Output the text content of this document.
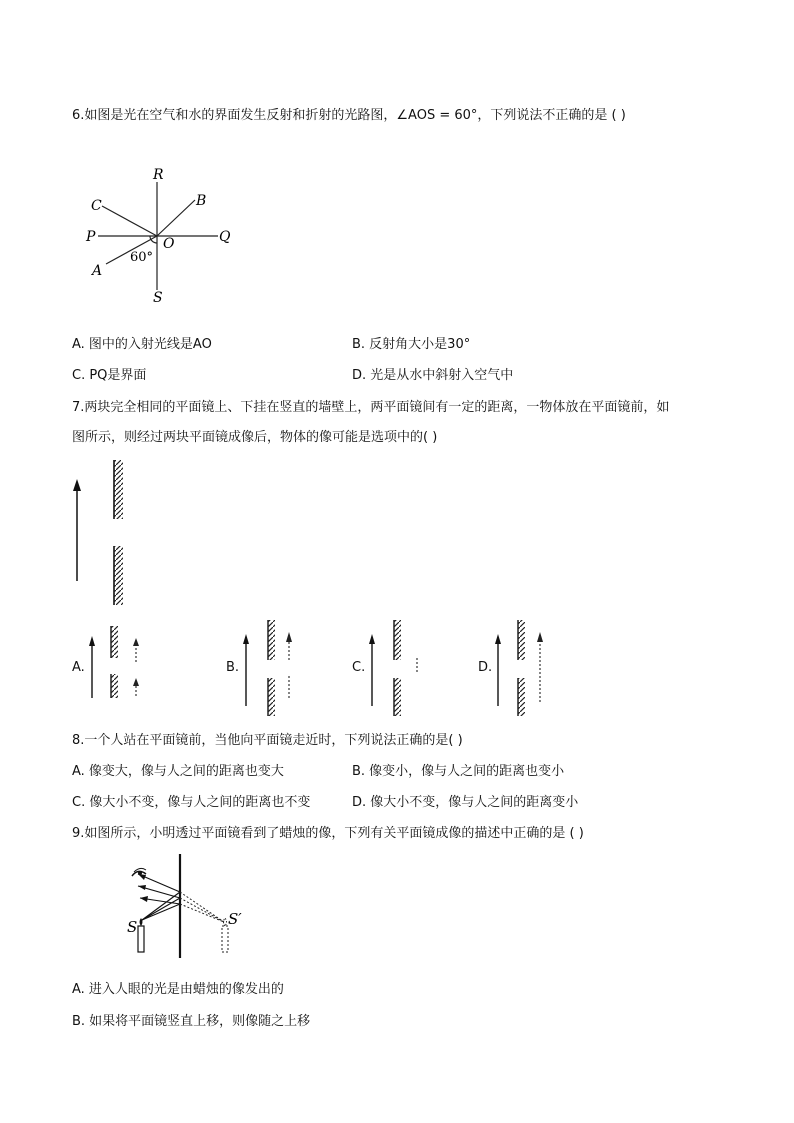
6.如图是光在空气和水的界面发生反射和折射的光路图，∠AOS = 60°，下列说法不正确的是 ( )
R
B
C
P	O	Q
A
S
60°
A. 图中的入射光线是AO	B. 反射角大小是30°
C. PQ是界面	D. 光是从水中斜射入空气中
7.两块完全相同的平面镜上、下挂在竖直的墙壁上，两平面镜间有一定的距离，一物体放在平面镜前，如
图所示，则经过两块平面镜成像后，物体的像可能是选项中的( )
A.	B.	C.	D.
8.一个人站在平面镜前，当他向平面镜走近时，下列说法正确的是( )
A. 像变大，像与人之间的距离也变大	B. 像变小，像与人之间的距离也变小
C. 像大小不变，像与人之间的距离也不变	D. 像大小不变，像与人之间的距离变小
9.如图所示，小明透过平面镜看到了蜡烛的像，下列有关平面镜成像的描述中正确的是 ( )
S	S′
A. 进入人眼的光是由蜡烛的像发出的
B. 如果将平面镜竖直上移，则像随之上移
